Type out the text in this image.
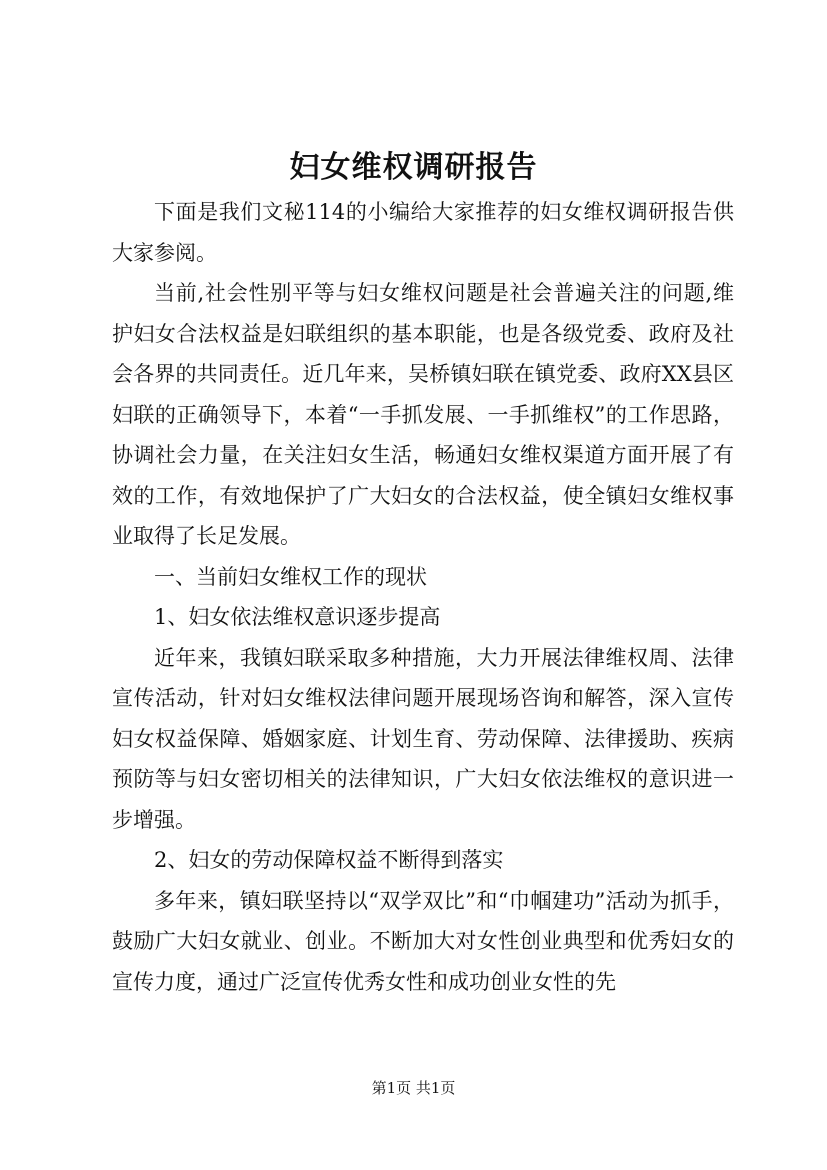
妇女维权调研报告

下面是我们文秘114的小编给大家推荐的妇女维权调研报告供大家参阅。

当前,社会性别平等与妇女维权问题是社会普遍关注的问题,维护妇女合法权益是妇联组织的基本职能，也是各级党委、政府及社会各界的共同责任。近几年来，吴桥镇妇联在镇党委、政府XX县区妇联的正确领导下，本着“一手抓发展、一手抓维权”的工作思路，协调社会力量，在关注妇女生活，畅通妇女维权渠道方面开展了有效的工作，有效地保护了广大妇女的合法权益，使全镇妇女维权事业取得了长足发展。

一、当前妇女维权工作的现状

1、妇女依法维权意识逐步提高

近年来，我镇妇联采取多种措施，大力开展法律维权周、法律宣传活动，针对妇女维权法律问题开展现场咨询和解答，深入宣传妇女权益保障、婚姻家庭、计划生育、劳动保障、法律援助、疾病预防等与妇女密切相关的法律知识，广大妇女依法维权的意识进一步增强。

2、妇女的劳动保障权益不断得到落实

多年来，镇妇联坚持以“双学双比”和“巾帼建功”活动为抓手，鼓励广大妇女就业、创业。不断加大对女性创业典型和优秀妇女的宣传力度，通过广泛宣传优秀女性和成功创业女性的先

第1页 共1页
